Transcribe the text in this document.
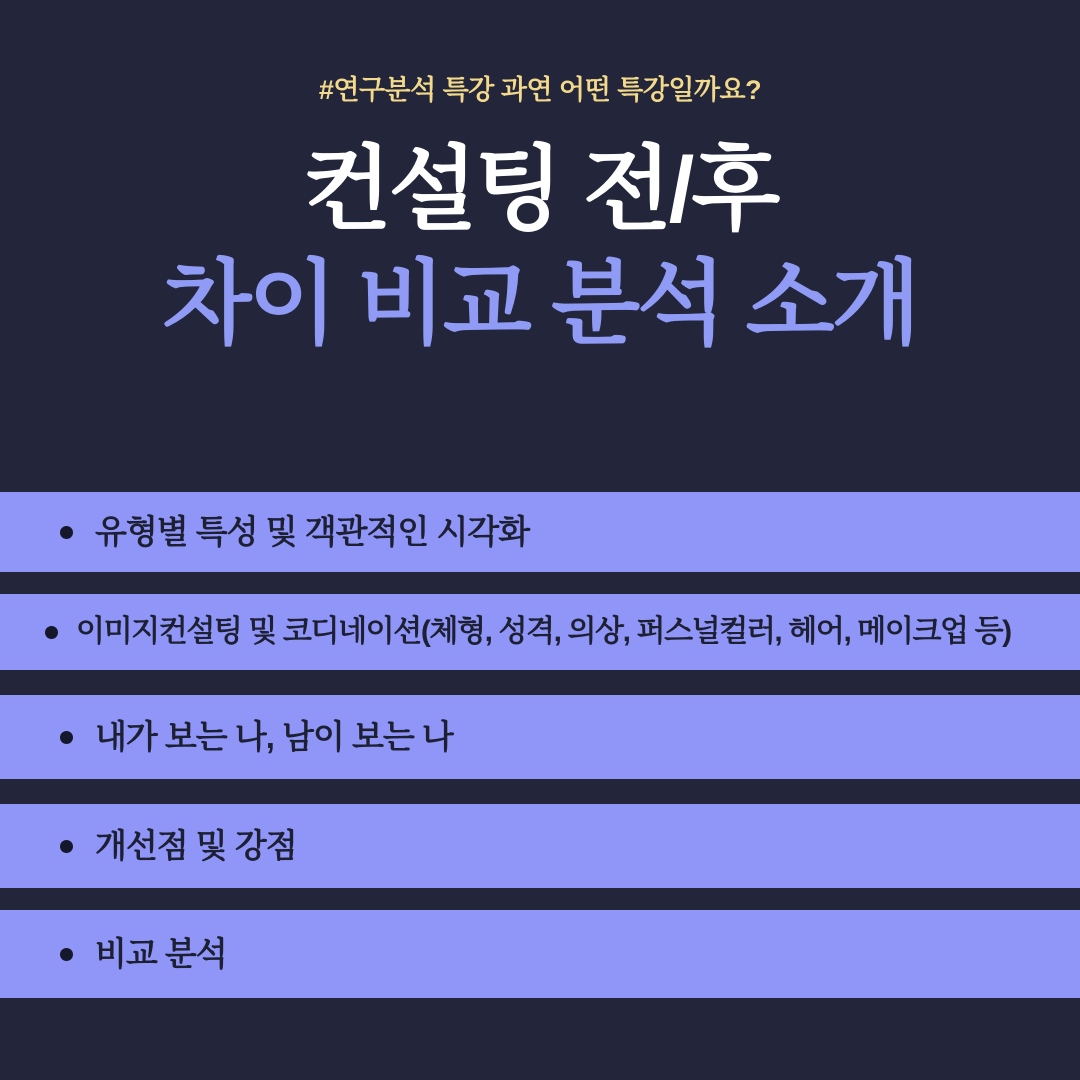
#연구분석 특강 과연 어떤 특강일까요?
컨설팅 전/후
차이 비교 분석 소개
유형별 특성 및 객관적인 시각화
이미지컨설팅 및 코디네이션(체형, 성격, 의상, 퍼스널컬러, 헤어, 메이크업 등)
내가 보는 나, 남이 보는 나
개선점 및 강점
비교 분석
